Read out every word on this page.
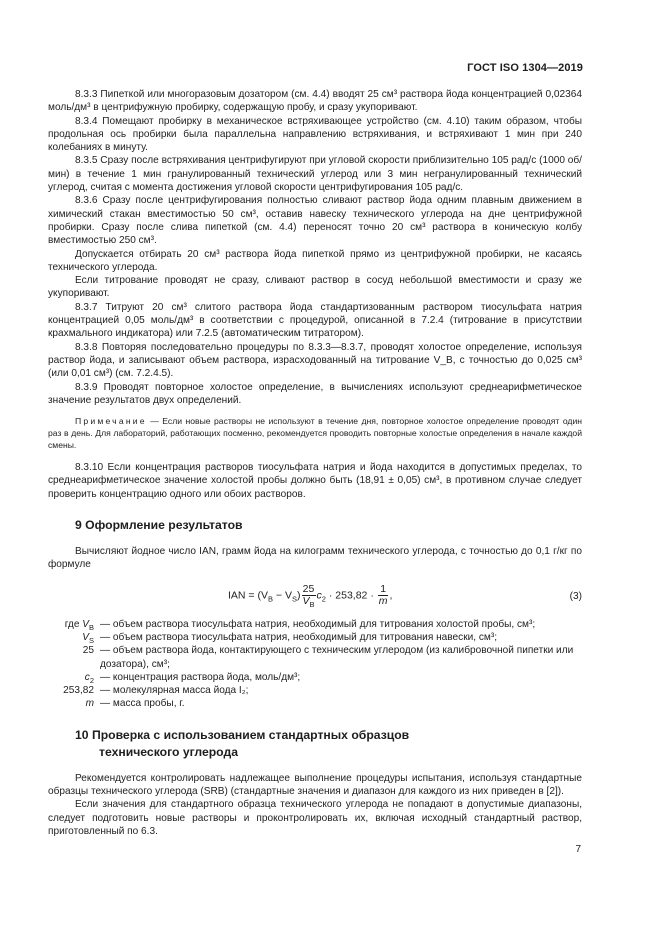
ГОСТ ISO 1304—2019

8.3.3 Пипеткой или многоразовым дозатором (см. 4.4) вводят 25 см³ раствора йода концентрацией 0,02364 моль/дм³ в центрифужную пробирку, содержащую пробу, и сразу укупоривают.

8.3.4 Помещают пробирку в механическое встряхивающее устройство (см. 4.10) таким образом, чтобы продольная ось пробирки была параллельна направлению встряхивания, и встряхивают 1 мин при 240 колебаниях в минуту.

8.3.5 Сразу после встряхивания центрифугируют при угловой скорости приблизительно 105 рад/с (1000 об/мин) в течение 1 мин гранулированный технический углерод или 3 мин негранулированный технический углерод, считая с момента достижения угловой скорости центрифугирования 105 рад/с.

8.3.6 Сразу после центрифугирования полностью сливают раствор йода одним плавным движением в химический стакан вместимостью 50 см³, оставив навеску технического углерода на дне центрифужной пробирки. Сразу после слива пипеткой (см. 4.4) переносят точно 20 см³ раствора в коническую колбу вместимостью 250 см³.

Допускается отбирать 20 см³ раствора йода пипеткой прямо из центрифужной пробирки, не касаясь технического углерода.

Если титрование проводят не сразу, сливают раствор в сосуд небольшой вместимости и сразу же укупоривают.

8.3.7 Титруют 20 см³ слитого раствора йода стандартизованным раствором тиосульфата натрия концентрацией 0,05 моль/дм³ в соответствии с процедурой, описанной в 7.2.4 (титрование в присутствии крахмального индикатора) или 7.2.5 (автоматическим титратором).

8.3.8 Повторяя последовательно процедуры по 8.3.3—8.3.7, проводят холостое определение, используя раствор йода, и записывают объем раствора, израсходованный на титрование V_B, с точностью до 0,025 см³ (или 0,01 см³) (см. 7.2.4.5).

8.3.9 Проводят повторное холостое определение, в вычислениях используют среднеарифметическое значение результатов двух определений.

Примечание — Если новые растворы не используют в течение дня, повторное холостое определение проводят один раз в день. Для лабораторий, работающих посменно, рекомендуется проводить повторные холостые определения в начале каждой смены.

8.3.10 Если концентрация растворов тиосульфата натрия и йода находится в допустимых пределах, то среднеарифметическое значение холостой пробы должно быть (18,91 ± 0,05) см³, в противном случае следует проверить концентрацию одного или обоих растворов.

9 Оформление результатов

Вычисляют йодное число IAN, грамм йода на килограмм технического углерода, с точностью до 0,1 г/кг по формуле

IAN = $(V_B - V_S) \frac{25}{V_B} c_2 \cdot 253,82 \cdot \frac{1}{m}$ ,	(3)
где $V_B$ — объем раствора тиосульфата натрия, необходимый для титрования холостой пробы, см³;
$V_S$ — объем раствора тиосульфата натрия, необходимый для титрования навески, см³;
25 — объем раствора йода, контактирующего с техническим углеродом (из калибровочной пипетки или дозатора), см³;
$c_2$ — концентрация раствора йода, моль/дм³;
253,82 — молекулярная масса йода I₂;
m — масса пробы, г.
10 Проверка с использованием стандартных образцов
технического углерода

Рекомендуется контролировать надлежащее выполнение процедуры испытания, используя стандартные образцы технического углерода (SRB) (стандартные значения и диапазон для каждого из них приведен в [2]).

Если значения для стандартного образца технического углерода не попадают в допустимые диапазоны, следует подготовить новые растворы и проконтролировать их, включая исходный стандартный раствор, приготовленный по 6.3.

7
